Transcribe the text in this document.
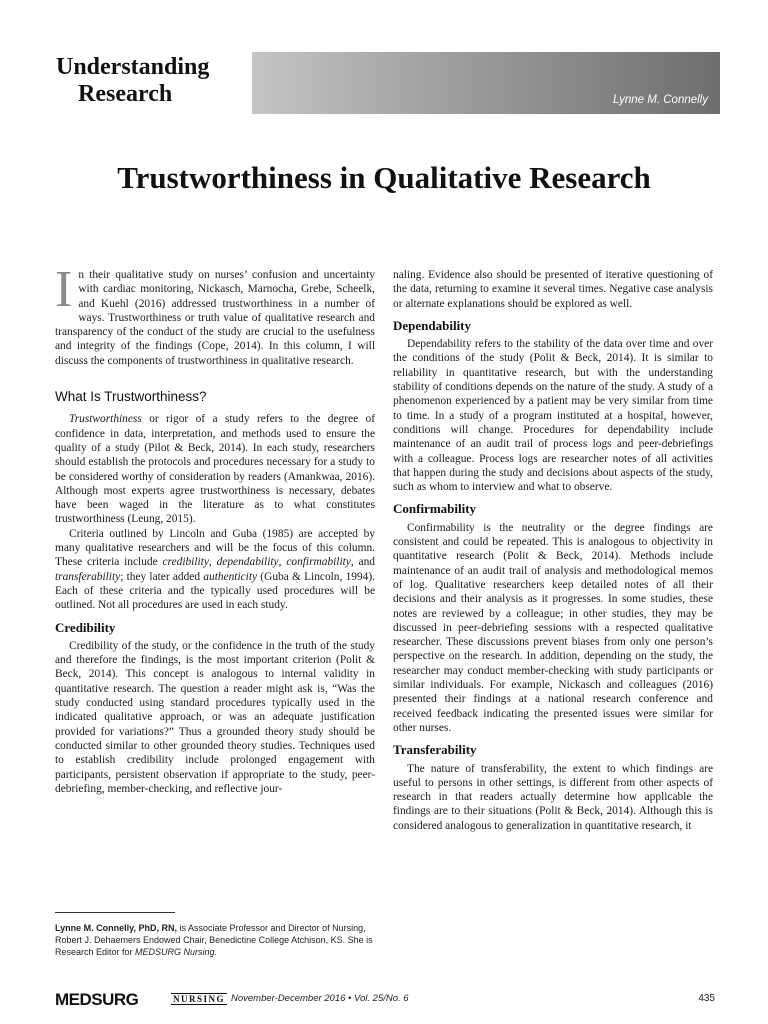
Understanding
Research	Lynne M. Connelly
Trustworthiness in Qualitative Research

In their qualitative study on nurses’ confusion and uncertainty with cardiac monitoring, Nickasch, Marnocha, Grebe, Scheelk, and Kuehl (2016) addressed trustworthiness in a number of ways. Trustworthiness or truth value of qualitative research and transparency of the conduct of the study are crucial to the usefulness and integrity of the findings (Cope, 2014). In this column, I will discuss the components of trustworthiness in qualitative research.

What Is Trustworthiness?

Trustworthiness or rigor of a study refers to the degree of confidence in data, interpretation, and methods used to ensure the quality of a study (Pilot & Beck, 2014). In each study, researchers should establish the protocols and procedures necessary for a study to be considered worthy of consideration by readers (Amankwaa, 2016). Although most experts agree trustworthiness is necessary, debates have been waged in the literature as to what constitutes trustworthiness (Leung, 2015).

Criteria outlined by Lincoln and Guba (1985) are accepted by many qualitative researchers and will be the focus of this column. These criteria include credibility, dependability, confirmability, and transferability; they later added authenticity (Guba & Lincoln, 1994). Each of these criteria and the typically used procedures will be outlined. Not all procedures are used in each study.

Credibility

Credibility of the study, or the confidence in the truth of the study and therefore the findings, is the most important criterion (Polit & Beck, 2014). This concept is analogous to internal validity in quantitative research. The question a reader might ask is, “Was the study conducted using standard procedures typically used in the indicated qualitative approach, or was an adequate justification provided for variations?” Thus a grounded theory study should be conducted similar to other grounded theory studies. Techniques used to establish credibility include prolonged engagement with participants, persistent observation if appropriate to the study, peer-debriefing, member-checking, and reflective jour-

naling. Evidence also should be presented of iterative questioning of the data, returning to examine it several times. Negative case analysis or alternate explanations should be explored as well.

Dependability

Dependability refers to the stability of the data over time and over the conditions of the study (Polit & Beck, 2014). It is similar to reliability in quantitative research, but with the understanding stability of conditions depends on the nature of the study. A study of a phenomenon experienced by a patient may be very similar from time to time. In a study of a program instituted at a hospital, however, conditions will change. Procedures for dependability include maintenance of an audit trail of process logs and peer-debriefings with a colleague. Process logs are researcher notes of all activities that happen during the study and decisions about aspects of the study, such as whom to interview and what to observe.

Confirmability

Confirmability is the neutrality or the degree findings are consistent and could be repeated. This is analogous to objectivity in quantitative research (Polit & Beck, 2014). Methods include maintenance of an audit trail of analysis and methodological memos of log. Qualitative researchers keep detailed notes of all their decisions and their analysis as it progresses. In some studies, these notes are reviewed by a colleague; in other studies, they may be discussed in peer-debriefing sessions with a respected qualitative researcher. These discussions prevent biases from only one person’s perspective on the research. In addition, depending on the study, the researcher may conduct member-checking with study participants or similar individuals. For example, Nickasch and colleagues (2016) presented their findings at a national research conference and received feedback indicating the presented issues were similar for other nurses.

Transferability

The nature of transferability, the extent to which findings are useful to persons in other settings, is different from other aspects of research in that readers actually determine how applicable the findings are to their situations (Polit & Beck, 2014). Although this is considered analogous to generalization in quantitative research, it

Lynne M. Connelly, PhD, RN, is Associate Professor and Director of Nursing, Robert J. Dehaemers Endowed Chair, Benedictine College Atchison, KS. She is Research Editor for MEDSURG Nursing.
MEDSURG	NURSING November-December 2016 • Vol. 25/No. 6	435
